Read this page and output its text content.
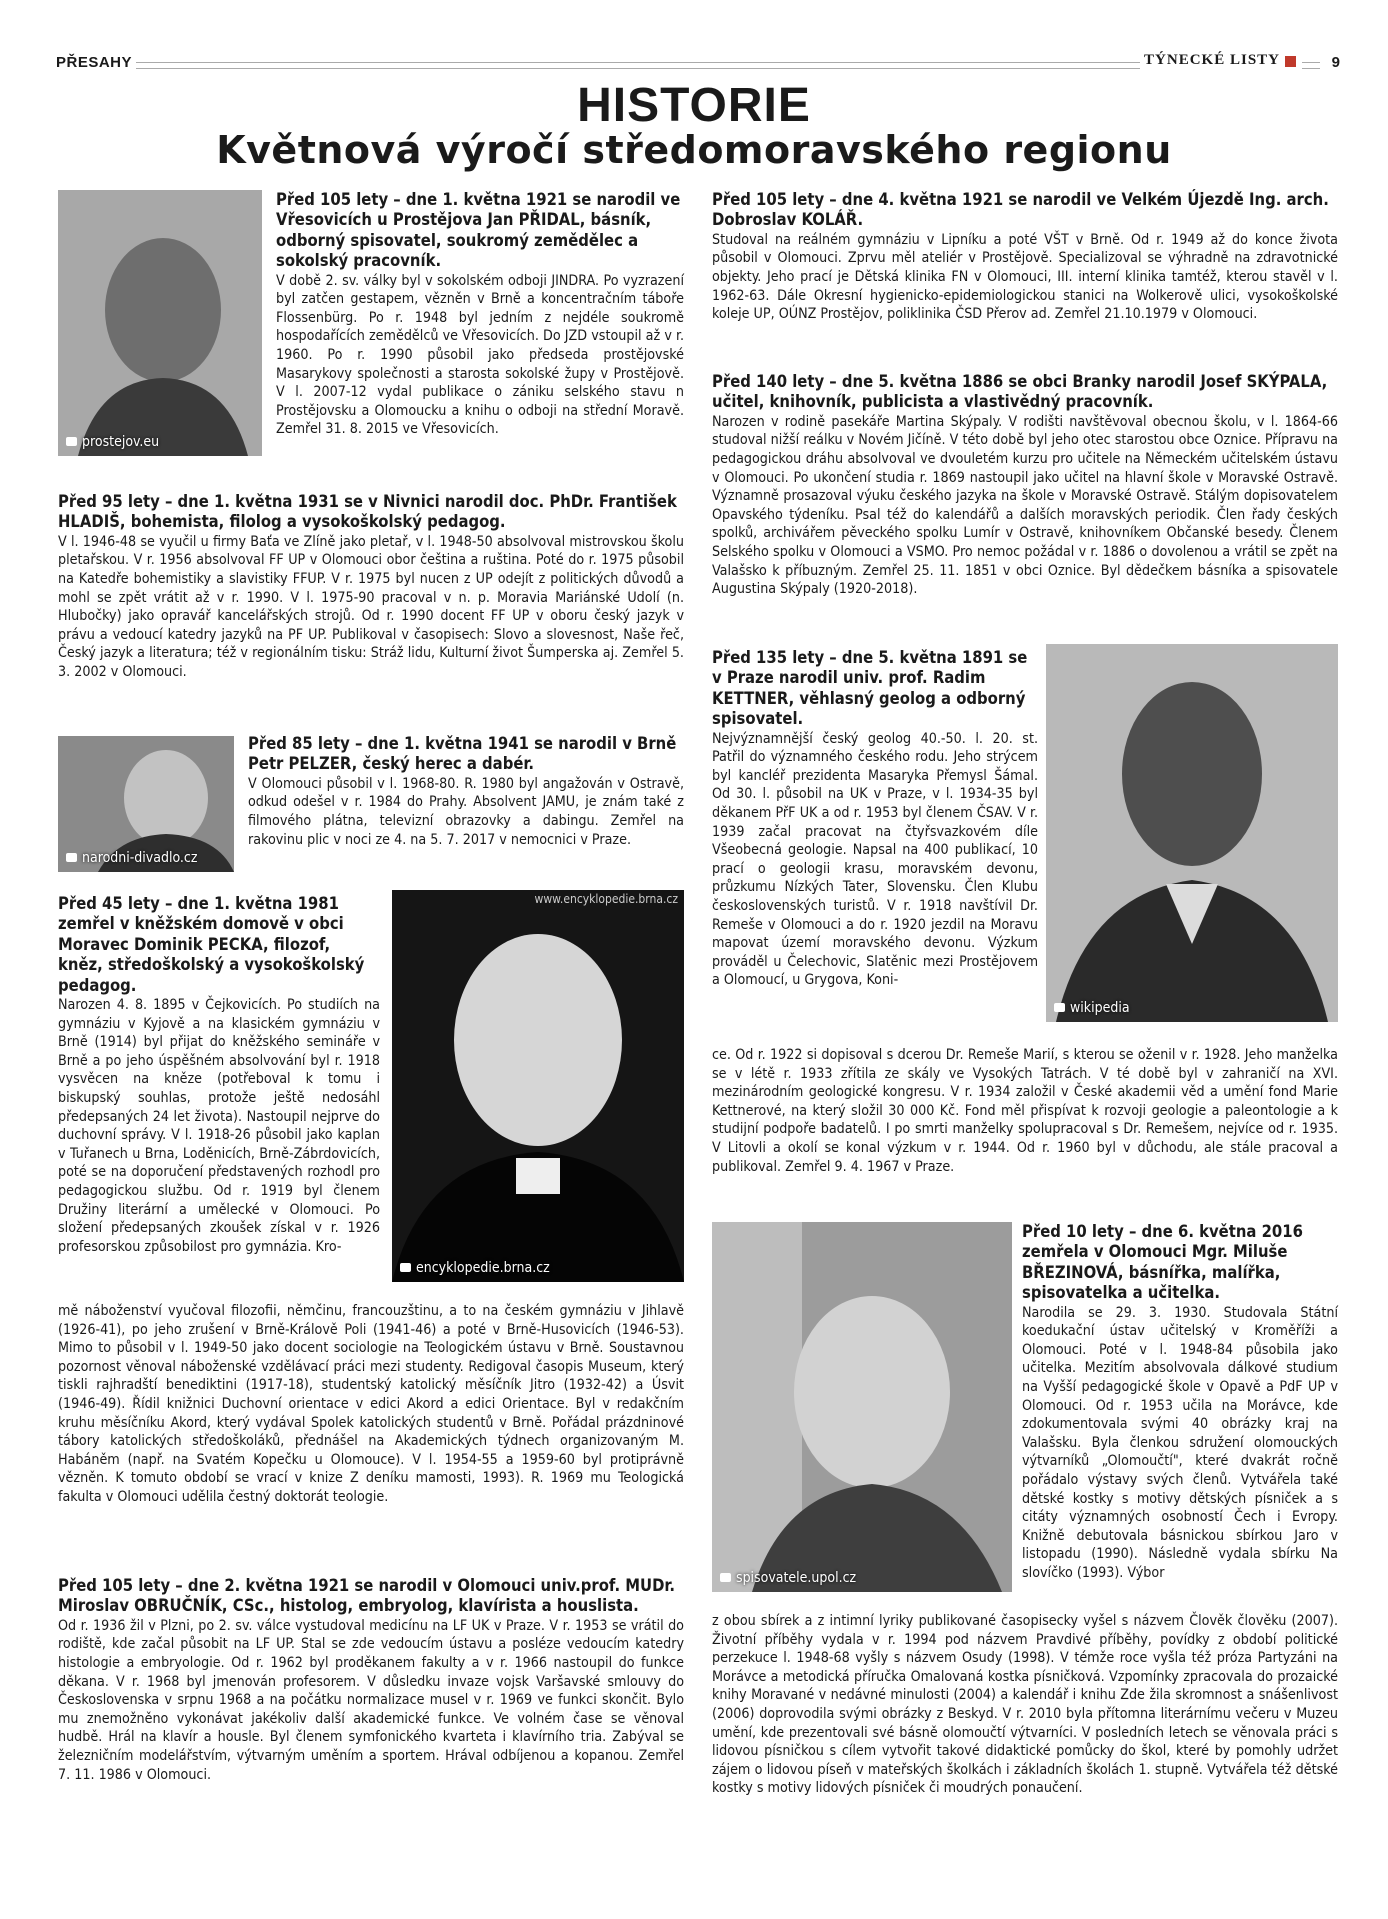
PŘESAHY	TÝNECKÉ LISTY	9
HISTORIE
Květnová výročí středomoravského regionu
prostejov.eu
Před 105 lety – dne 1. května 1921 se narodil ve Vřesovicích u Prostějova Jan PŘIDAL, básník, odborný spisovatel, soukromý zemědělec a sokolský pracovník.

V době 2. sv. války byl v sokolském odboji JINDRA. Po vyzrazení byl zatčen gestapem, vězněn v Brně a koncentračním táboře Flossenbürg. Po r. 1948 byl jedním z nejdéle soukromě hospodařících zemědělců ve Vřesovicích. Do JZD vstoupil až v r. 1960. Po r. 1990 působil jako předseda prostějovské Masarykovy společnosti a starosta sokolské župy v Prostějově. V l. 2007-12 vydal publikace o zániku selského stavu n Prostějovsku a Olomoucku a knihu o odboji na střední Moravě. Zemřel 31. 8. 2015 ve Vřesovicích.

Před 95 lety – dne 1. května 1931 se v Nivnici narodil doc. PhDr. František HLADIŠ, bohemista, filolog a vysokoškolský pedagog.

V l. 1946-48 se vyučil u firmy Baťa ve Zlíně jako pletař, v l. 1948-50 absolvoval mistrovskou školu pletařskou. V r. 1956 absolvoval FF UP v Olomouci obor čeština a ruština. Poté do r. 1975 působil na Katedře bohemistiky a slavistiky FFUP. V r. 1975 byl nucen z UP odejít z politických důvodů a mohl se zpět vrátit až v r. 1990. V l. 1975-90 pracoval v n. p. Moravia Mariánské Udolí (n. Hlubočky) jako opravář kancelářských strojů. Od r. 1990 docent FF UP v oboru český jazyk v právu a vedoucí katedry jazyků na PF UP. Publikoval v časopisech: Slovo a slovesnost, Naše řeč, Český jazyk a literatura; též v regionálním tisku: Stráž lidu, Kulturní život Šumperska aj. Zemřel 5. 3. 2002 v Olomouci.

narodni-divadlo.cz
Před 85 lety – dne 1. května 1941 se narodil v Brně Petr PELZER, český herec a dabér.

V Olomouci působil v l. 1968-80. R. 1980 byl angažován v Ostravě, odkud odešel v r. 1984 do Prahy. Absolvent JAMU, je znám také z filmového plátna, televizní obrazovky a dabingu. Zemřel na rakovinu plic v noci ze 4. na 5. 7. 2017 v nemocnici v Praze.

Před 45 lety – dne 1. května 1981 zemřel v kněžském domově v obci Moravec Dominik PECKA, filozof, kněz, středoškolský a vysokoškolský pedagog.

Narozen 4. 8. 1895 v Čejkovicích. Po studiích na gymnáziu v Kyjově a na klasickém gymnáziu v Brně (1914) byl přijat do kněžského semináře v Brně a po jeho úspěšném absolvování byl r. 1918 vysvěcen na kněze (potřeboval k tomu i biskupský souhlas, protože ještě nedosáhl předepsaných 24 let života). Nastoupil nejprve do duchovní správy. V l. 1918-26 působil jako kaplan v Tuřanech u Brna, Loděnicích, Brně-Zábrdovicích, poté se na doporučení představených rozhodl pro pedagogickou službu. Od r. 1919 byl členem Družiny literární a umělecké v Olomouci. Po složení předepsaných zkoušek získal v r. 1926 profesorskou způsobilost pro gymnázia. Kro-

www.encyklopedie.brna.cz
encyklopedie.brna.cz

mě náboženství vyučoval filozofii, němčinu, francouzštinu, a to na českém gymnáziu v Jihlavě (1926-41), po jeho zrušení v Brně-Králově Poli (1941-46) a poté v Brně-Husovicích (1946-53). Mimo to působil v l. 1949-50 jako docent sociologie na Teologickém ústavu v Brně. Soustavnou pozornost věnoval náboženské vzdělávací práci mezi studenty. Redigoval časopis Museum, který tiskli rajhradští benediktini (1917-18), studentský katolický měsíčník Jitro (1932-42) a Úsvit (1946-49). Řídil knižnici Duchovní orientace v edici Akord a edici Orientace. Byl v redakčním kruhu měsíčníku Akord, který vydával Spolek katolických studentů v Brně. Pořádal prázdninové tábory katolických středoškoláků, přednášel na Akademických týdnech organizovaným M. Habáněm (např. na Svatém Kopečku u Olomouce). V l. 1954-55 a 1959-60 byl protiprávně vězněn. K tomuto období se vrací v knize Z deníku mamosti, 1993). R. 1969 mu Teologická fakulta v Olomouci udělila čestný doktorát teologie.

Před 105 lety – dne 2. května 1921 se narodil v Olomouci univ.prof. MUDr. Miroslav OBRUČNÍK, CSc., histolog, embryolog, klavírista a houslista.

Od r. 1936 žil v Plzni, po 2. sv. válce vystudoval medicínu na LF UK v Praze. V r. 1953 se vrátil do rodiště, kde začal působit na LF UP. Stal se zde vedoucím ústavu a posléze vedoucím katedry histologie a embryologie. Od r. 1962 byl proděkanem fakulty a v r. 1966 nastoupil do funkce děkana. V r. 1968 byl jmenován profesorem. V důsledku invaze vojsk Varšavské smlouvy do Československa v srpnu 1968 a na počátku normalizace musel v r. 1969 ve funkci skončit. Bylo mu znemožněno vykonávat jakékoliv další akademické funkce. Ve volném čase se věnoval hudbě. Hrál na klavír a housle. Byl členem symfonického kvarteta i klavírního tria. Zabýval se železničním modelářstvím, výtvarným uměním a sportem. Hrával odbíjenou a kopanou. Zemřel 7. 11. 1986 v Olomouci.

Před 105 lety – dne 4. května 1921 se narodil ve Velkém Újezdě Ing. arch. Dobroslav KOLÁŘ.

Studoval na reálném gymnáziu v Lipníku a poté VŠT v Brně. Od r. 1949 až do konce života působil v Olomouci. Zprvu měl ateliér v Prostějově. Specializoval se výhradně na zdravotnické objekty. Jeho prací je Dětská klinika FN v Olomouci, III. interní klinika tamtéž, kterou stavěl v l. 1962-63. Dále Okresní hygienicko-epidemiologickou stanici na Wolkerově ulici, vysokoškolské koleje UP, OÚNZ Prostějov, poliklinika ČSD Přerov ad. Zemřel 21.10.1979 v Olomouci.

Před 140 lety – dne 5. května 1886 se obci Branky narodil Josef SKÝPALA, učitel, knihovník, publicista a vlastivědný pracovník.

Narozen v rodině pasekáře Martina Skýpaly. V rodišti navštěvoval obecnou školu, v l. 1864-66 studoval nižší reálku v Novém Jičíně. V této době byl jeho otec starostou obce Oznice. Přípravu na pedagogickou dráhu absolvoval ve dvouletém kurzu pro učitele na Německém učitelském ústavu v Olomouci. Po ukončení studia r. 1869 nastoupil jako učitel na hlavní škole v Moravské Ostravě. Významně prosazoval výuku českého jazyka na škole v Moravské Ostravě. Stálým dopisovatelem Opavského týdeníku. Psal též do kalendářů a dalších moravských periodik. Člen řady českých spolků, archivářem pěveckého spolku Lumír v Ostravě, knihovníkem Občanské besedy. Členem Selského spolku v Olomouci a VSMO. Pro nemoc požádal v r. 1886 o dovolenou a vrátil se zpět na Valašsko k příbuzným. Zemřel 25. 11. 1851 v obci Oznice. Byl dědečkem básníka a spisovatele Augustina Skýpaly (1920-2018).

Před 135 lety – dne 5. května 1891 se v Praze narodil univ. prof. Radim KETTNER, věhlasný geolog a odborný spisovatel.

Nejvýznamnější český geolog 40.-50. l. 20. st. Patřil do významného českého rodu. Jeho strýcem byl kancléř prezidenta Masaryka Přemysl Šámal. Od 30. l. působil na UK v Praze, v l. 1934-35 byl děkanem PřF UK a od r. 1953 byl členem ČSAV. V r. 1939 začal pracovat na čtyřsvazkovém díle Všeobecná geologie. Napsal na 400 publikací, 10 prací o geologii krasu, moravském devonu, průzkumu Nízkých Tater, Slovensku. Člen Klubu československých turistů. V r. 1918 navštívil Dr. Remeše v Olomouci a do r. 1920 jezdil na Moravu mapovat území moravského devonu. Výzkum prováděl u Čelechovic, Slatěnic mezi Prostějovem a Olomoucí, u Grygova, Koni-

wikipedia

ce. Od r. 1922 si dopisoval s dcerou Dr. Remeše Marií, s kterou se oženil v r. 1928. Jeho manželka se v létě r. 1933 zřítila ze skály ve Vysokých Tatrách. V té době byl v zahraničí na XVI. mezinárodním geologické kongresu. V r. 1934 založil v České akademii věd a umění fond Marie Kettnerové, na který složil 30 000 Kč. Fond měl přispívat k rozvoji geologie a paleontologie a k studijní podpoře badatelů. I po smrti manželky spolupracoval s Dr. Remešem, nejvíce od r. 1935. V Litovli a okolí se konal výzkum v r. 1944. Od r. 1960 byl v důchodu, ale stále pracoval a publikoval. Zemřel 9. 4. 1967 v Praze.

spisovatele.upol.cz
Před 10 lety – dne 6. května 2016 zemřela v Olomouci Mgr. Miluše BŘEZINOVÁ, básnířka, malířka, spisovatelka a učitelka.

Narodila se 29. 3. 1930. Studovala Státní koedukační ústav učitelský v Kroměříži a Olomouci. Poté v l. 1948-84 působila jako učitelka. Mezitím absolvovala dálkové studium na Vyšší pedagogické škole v Opavě a PdF UP v Olomouci. Od r. 1953 učila na Morávce, kde zdokumentovala svými 40 obrázky kraj na Valašsku. Byla členkou sdružení olomouckých výtvarníků „Olomoučtí", které dvakrát ročně pořádalo výstavy svých členů. Vytvářela také dětské kostky s motivy dětských písniček a s citáty významných osobností Čech i Evropy. Knižně debutovala básnickou sbírkou Jaro v listopadu (1990). Následně vydala sbírku Na slovíčko (1993). Výbor

z obou sbírek a z intimní lyriky publikované časopisecky vyšel s názvem Člověk člověku (2007). Životní příběhy vydala v r. 1994 pod názvem Pravdivé příběhy, povídky z období politické perzekuce l. 1948-68 vyšly s názvem Osudy (1998). V témže roce vyšla též próza Partyzáni na Morávce a metodická příručka Omalovaná kostka písničková. Vzpomínky zpracovala do prozaické knihy Moravané v nedávné minulosti (2004) a kalendář i knihu Zde žila skromnost a snášenlivost (2006) doprovodila svými obrázky z Beskyd. V r. 2010 byla přítomna literárnímu večeru v Muzeu umění, kde prezentovali své básně olomoučtí výtvarníci. V posledních letech se věnovala práci s lidovou písničkou s cílem vytvořit takové didaktické pomůcky do škol, které by pomohly udržet zájem o lidovou píseň v mateřských školkách i základních školách 1. stupně. Vytvářela též dětské kostky s motivy lidových písniček či moudrých ponaučení.
